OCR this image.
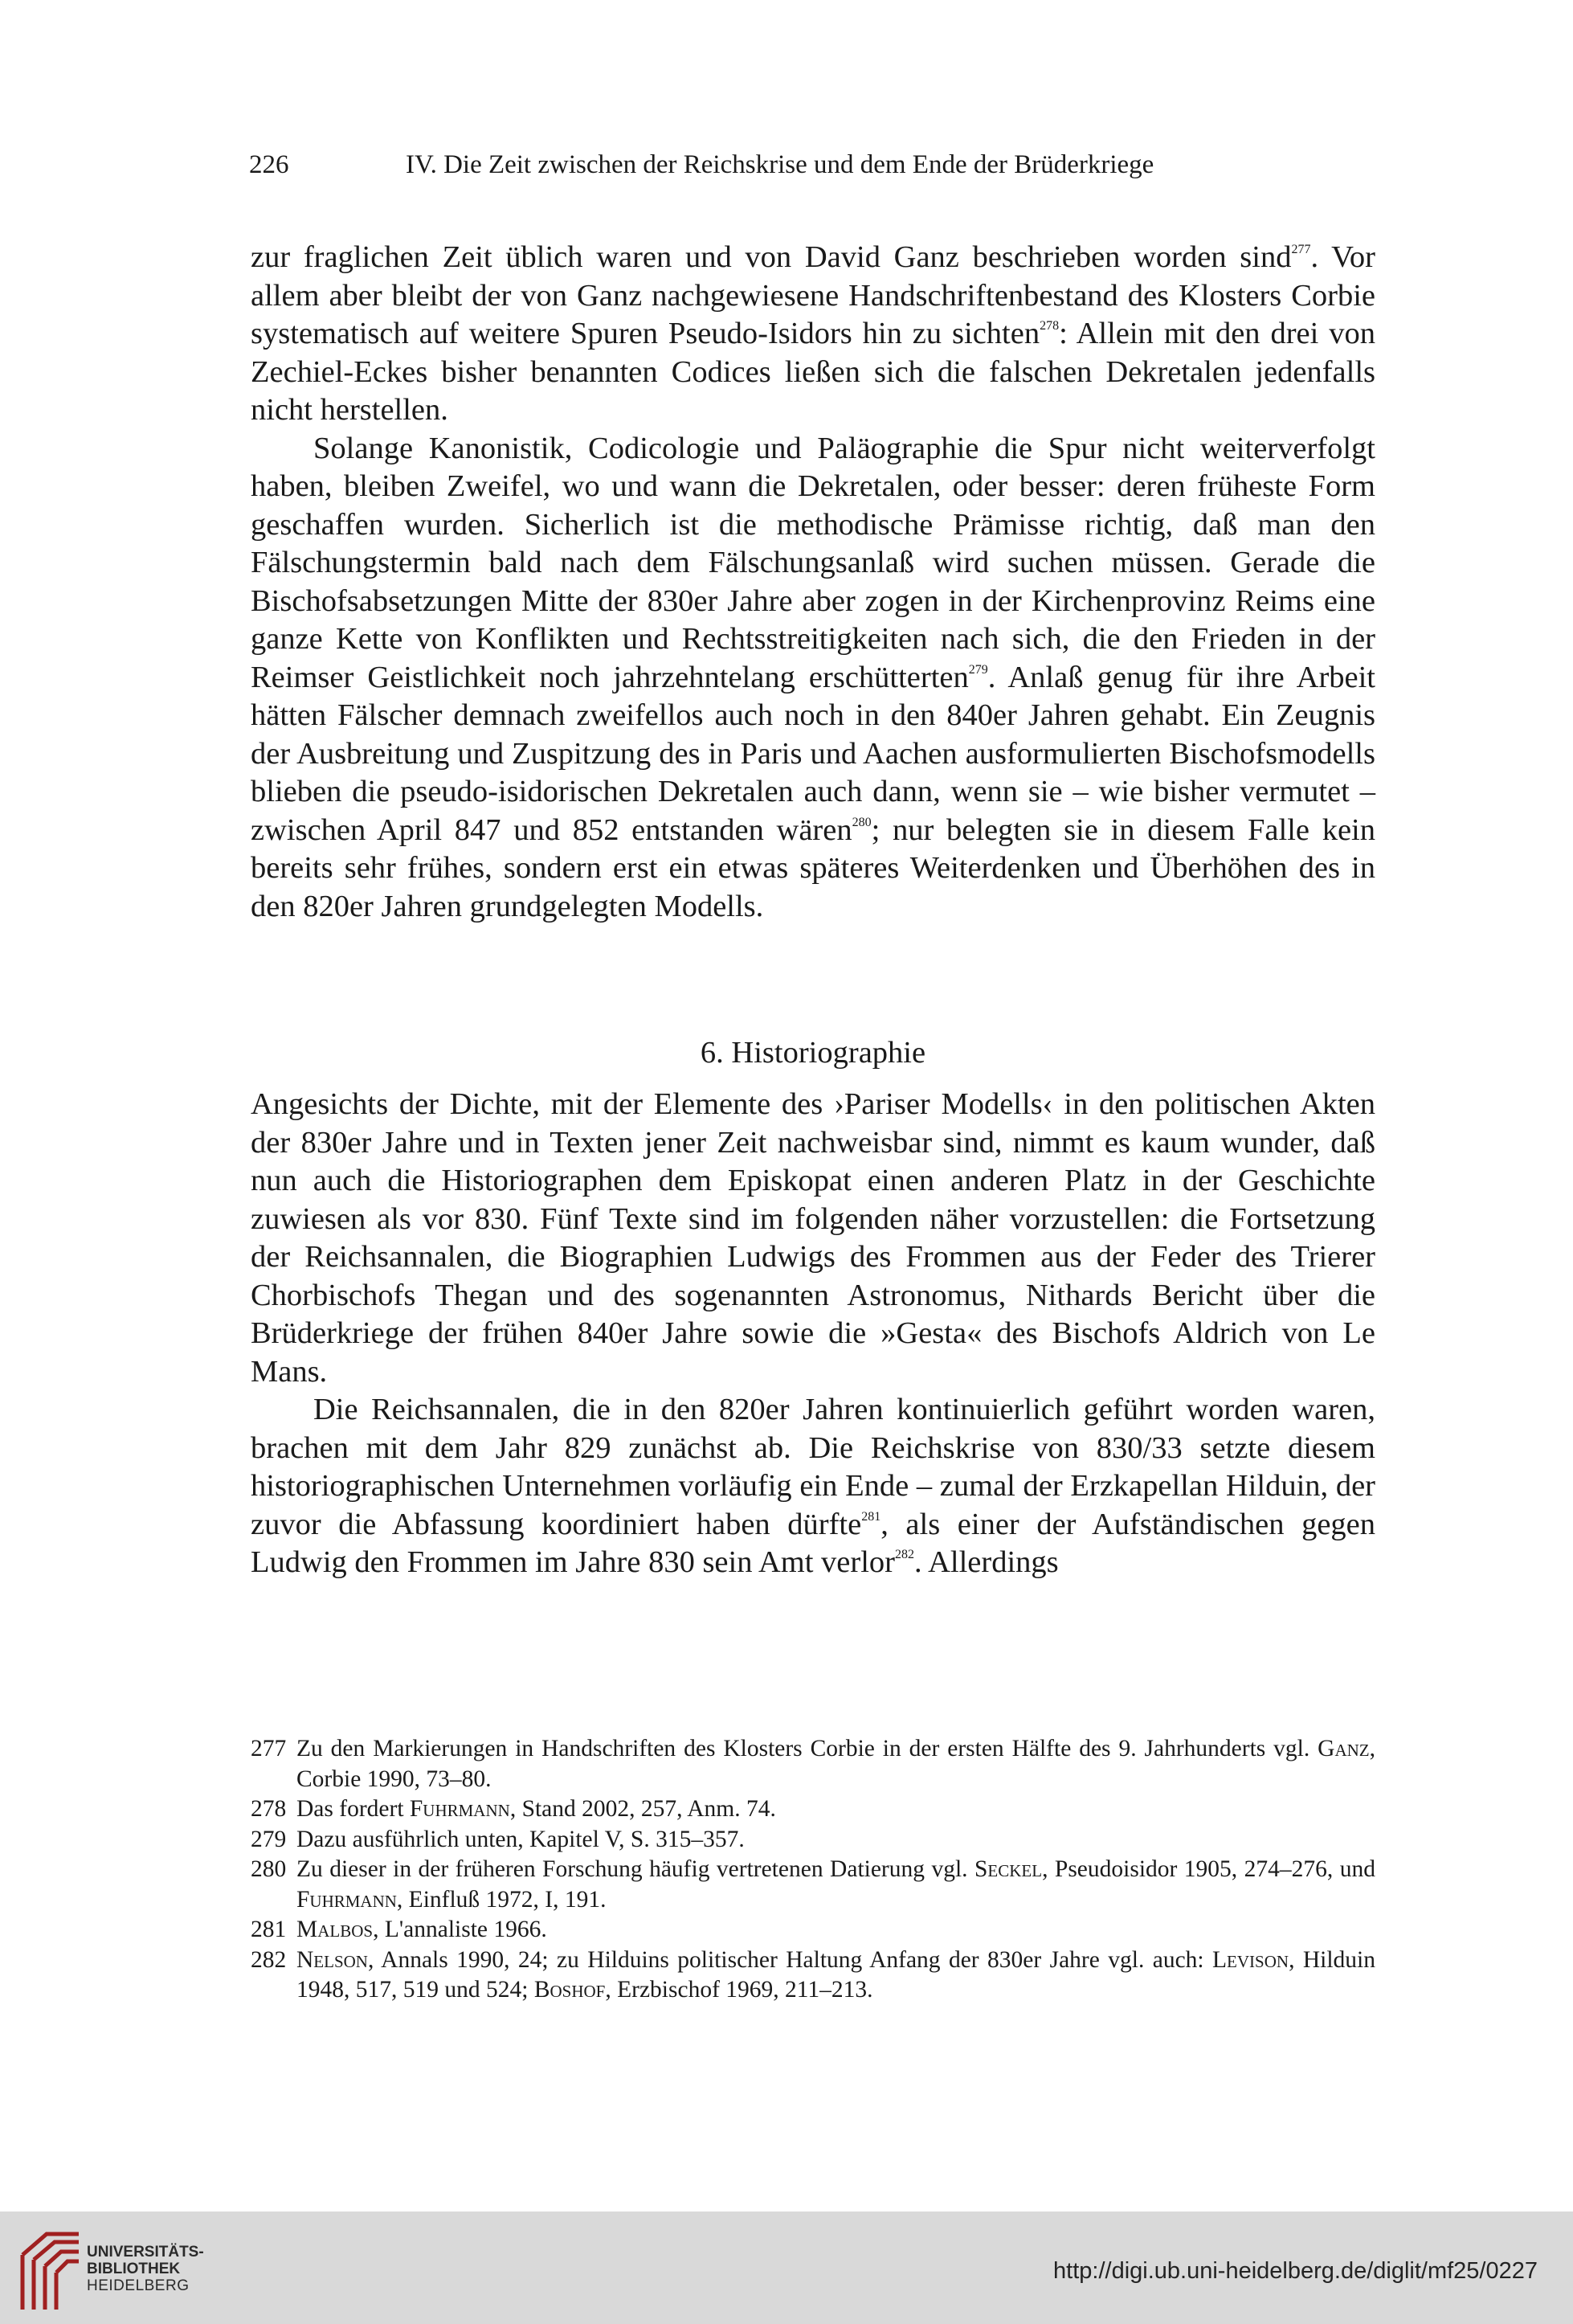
226	IV. Die Zeit zwischen der Reichskrise und dem Ende der Brüderkriege

zur fraglichen Zeit üblich waren und von David Ganz beschrieben worden sind$^{277}$. Vor allem aber bleibt der von Ganz nachgewiesene Handschriftenbestand des Klosters Corbie systematisch auf weitere Spuren Pseudo-Isidors hin zu sichten$^{278}$: Allein mit den drei von Zechiel-Eckes bisher benannten Codices ließen sich die falschen Dekretalen jedenfalls nicht herstellen.

Solange Kanonistik, Codicologie und Paläographie die Spur nicht weiterverfolgt haben, bleiben Zweifel, wo und wann die Dekretalen, oder besser: deren früheste Form geschaffen wurden. Sicherlich ist die methodische Prämisse richtig, daß man den Fälschungstermin bald nach dem Fälschungsanlaß wird suchen müssen. Gerade die Bischofsabsetzungen Mitte der 830er Jahre aber zogen in der Kirchenprovinz Reims eine ganze Kette von Konflikten und Rechtsstreitigkeiten nach sich, die den Frieden in der Reimser Geistlichkeit noch jahrzehntelang erschütterten$^{279}$. Anlaß genug für ihre Arbeit hätten Fälscher demnach zweifellos auch noch in den 840er Jahren gehabt. Ein Zeugnis der Ausbreitung und Zuspitzung des in Paris und Aachen ausformulierten Bischofsmodells blieben die pseudo-isidorischen Dekretalen auch dann, wenn sie – wie bisher vermutet – zwischen April 847 und 852 entstanden wären$^{280}$; nur belegten sie in diesem Falle kein bereits sehr frühes, sondern erst ein etwas späteres Weiterdenken und Überhöhen des in den 820er Jahren grundgelegten Modells.

6. Historiographie

Angesichts der Dichte, mit der Elemente des ›Pariser Modells‹ in den politischen Akten der 830er Jahre und in Texten jener Zeit nachweisbar sind, nimmt es kaum wunder, daß nun auch die Historiographen dem Episkopat einen anderen Platz in der Geschichte zuwiesen als vor 830. Fünf Texte sind im folgenden näher vorzustellen: die Fortsetzung der Reichsannalen, die Biographien Ludwigs des Frommen aus der Feder des Trierer Chorbischofs Thegan und des sogenannten Astronomus, Nithards Bericht über die Brüderkriege der frühen 840er Jahre sowie die »Gesta« des Bischofs Aldrich von Le Mans.

Die Reichsannalen, die in den 820er Jahren kontinuierlich geführt worden waren, brachen mit dem Jahr 829 zunächst ab. Die Reichskrise von 830/33 setzte diesem historiographischen Unternehmen vorläufig ein Ende – zumal der Erzkapellan Hilduin, der zuvor die Abfassung koordiniert haben dürfte$^{281}$, als einer der Aufständischen gegen Ludwig den Frommen im Jahre 830 sein Amt verlor$^{282}$. Allerdings

277 Zu den Markierungen in Handschriften des Klosters Corbie in der ersten Hälfte des 9. Jahrhunderts vgl. Ganz, Corbie 1990, 73–80.
278 Das fordert Fuhrmann, Stand 2002, 257, Anm. 74.
279 Dazu ausführlich unten, Kapitel V, S. 315–357.
280 Zu dieser in der früheren Forschung häufig vertretenen Datierung vgl. Seckel, Pseudoisidor 1905, 274–276, und Fuhrmann, Einfluß 1972, I, 191.
281 Malbos, L'annaliste 1966.
282 Nelson, Annals 1990, 24; zu Hilduins politischer Haltung Anfang der 830er Jahre vgl. auch: Levison, Hilduin 1948, 517, 519 und 524; Boshof, Erzbischof 1969, 211–213.
UNIVERSITÄTS-
BIBLIOTHEK
HEIDELBERG
http://digi.ub.uni-heidelberg.de/diglit/mf25/0227
